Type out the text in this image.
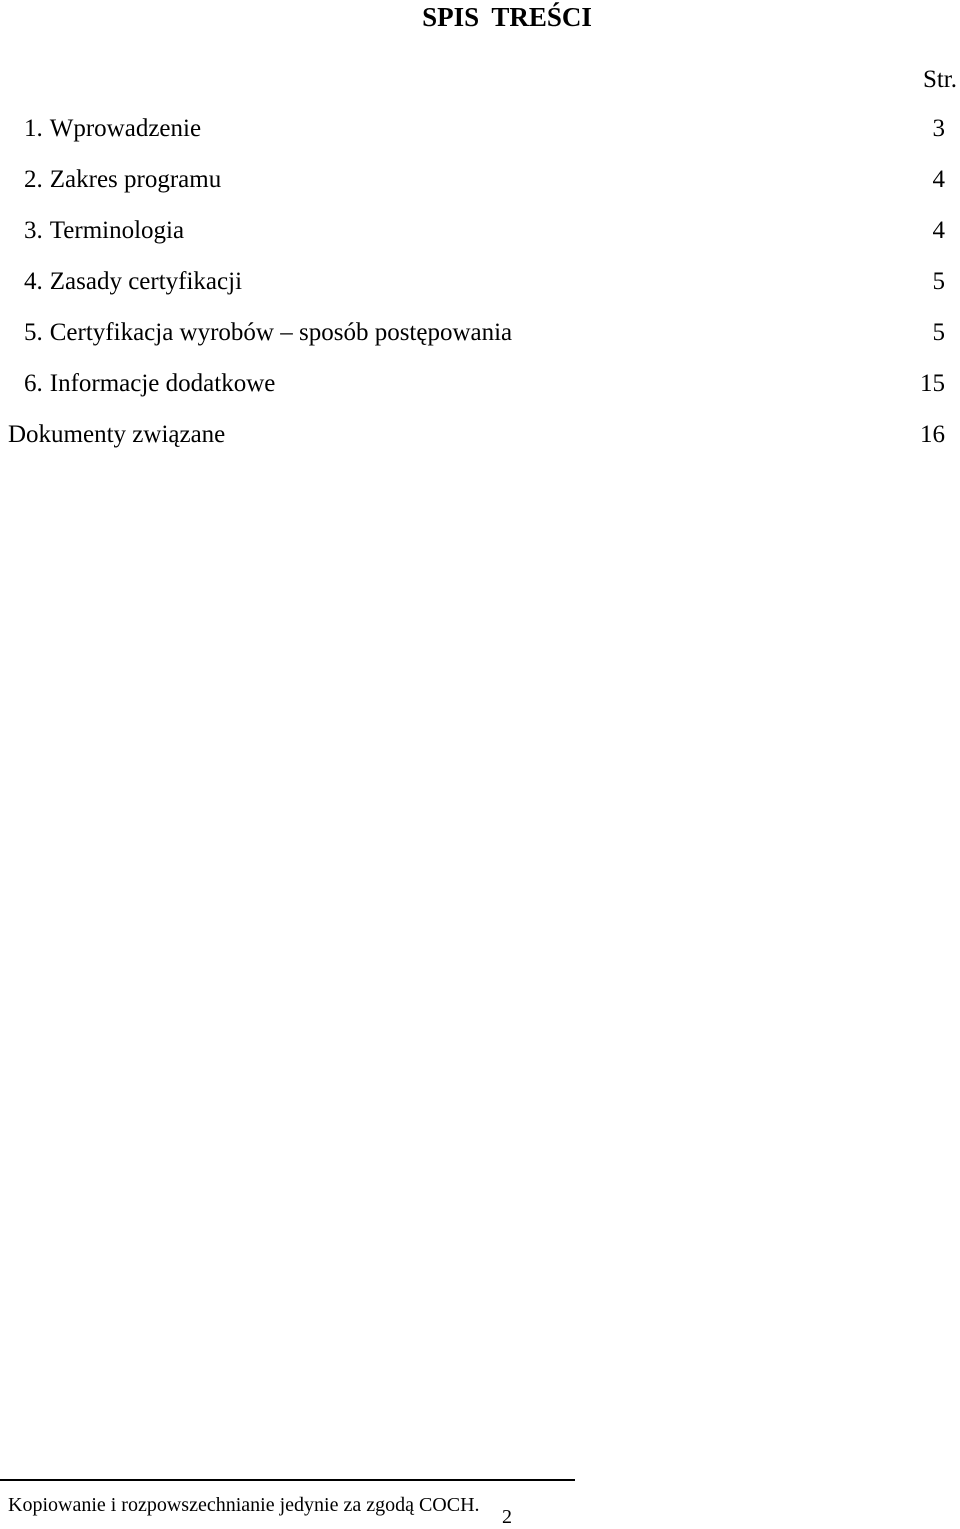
SPIS TREŚCI
Str.
1. Wprowadzenie	3
2. Zakres programu	4
3. Terminologia	4
4. Zasady certyfikacji	5
5. Certyfikacja wyrobów – sposób postępowania	5
6. Informacje dodatkowe	15
Dokumenty związane	16
Kopiowanie i rozpowszechnianie jedynie za zgodą COCH.
2
